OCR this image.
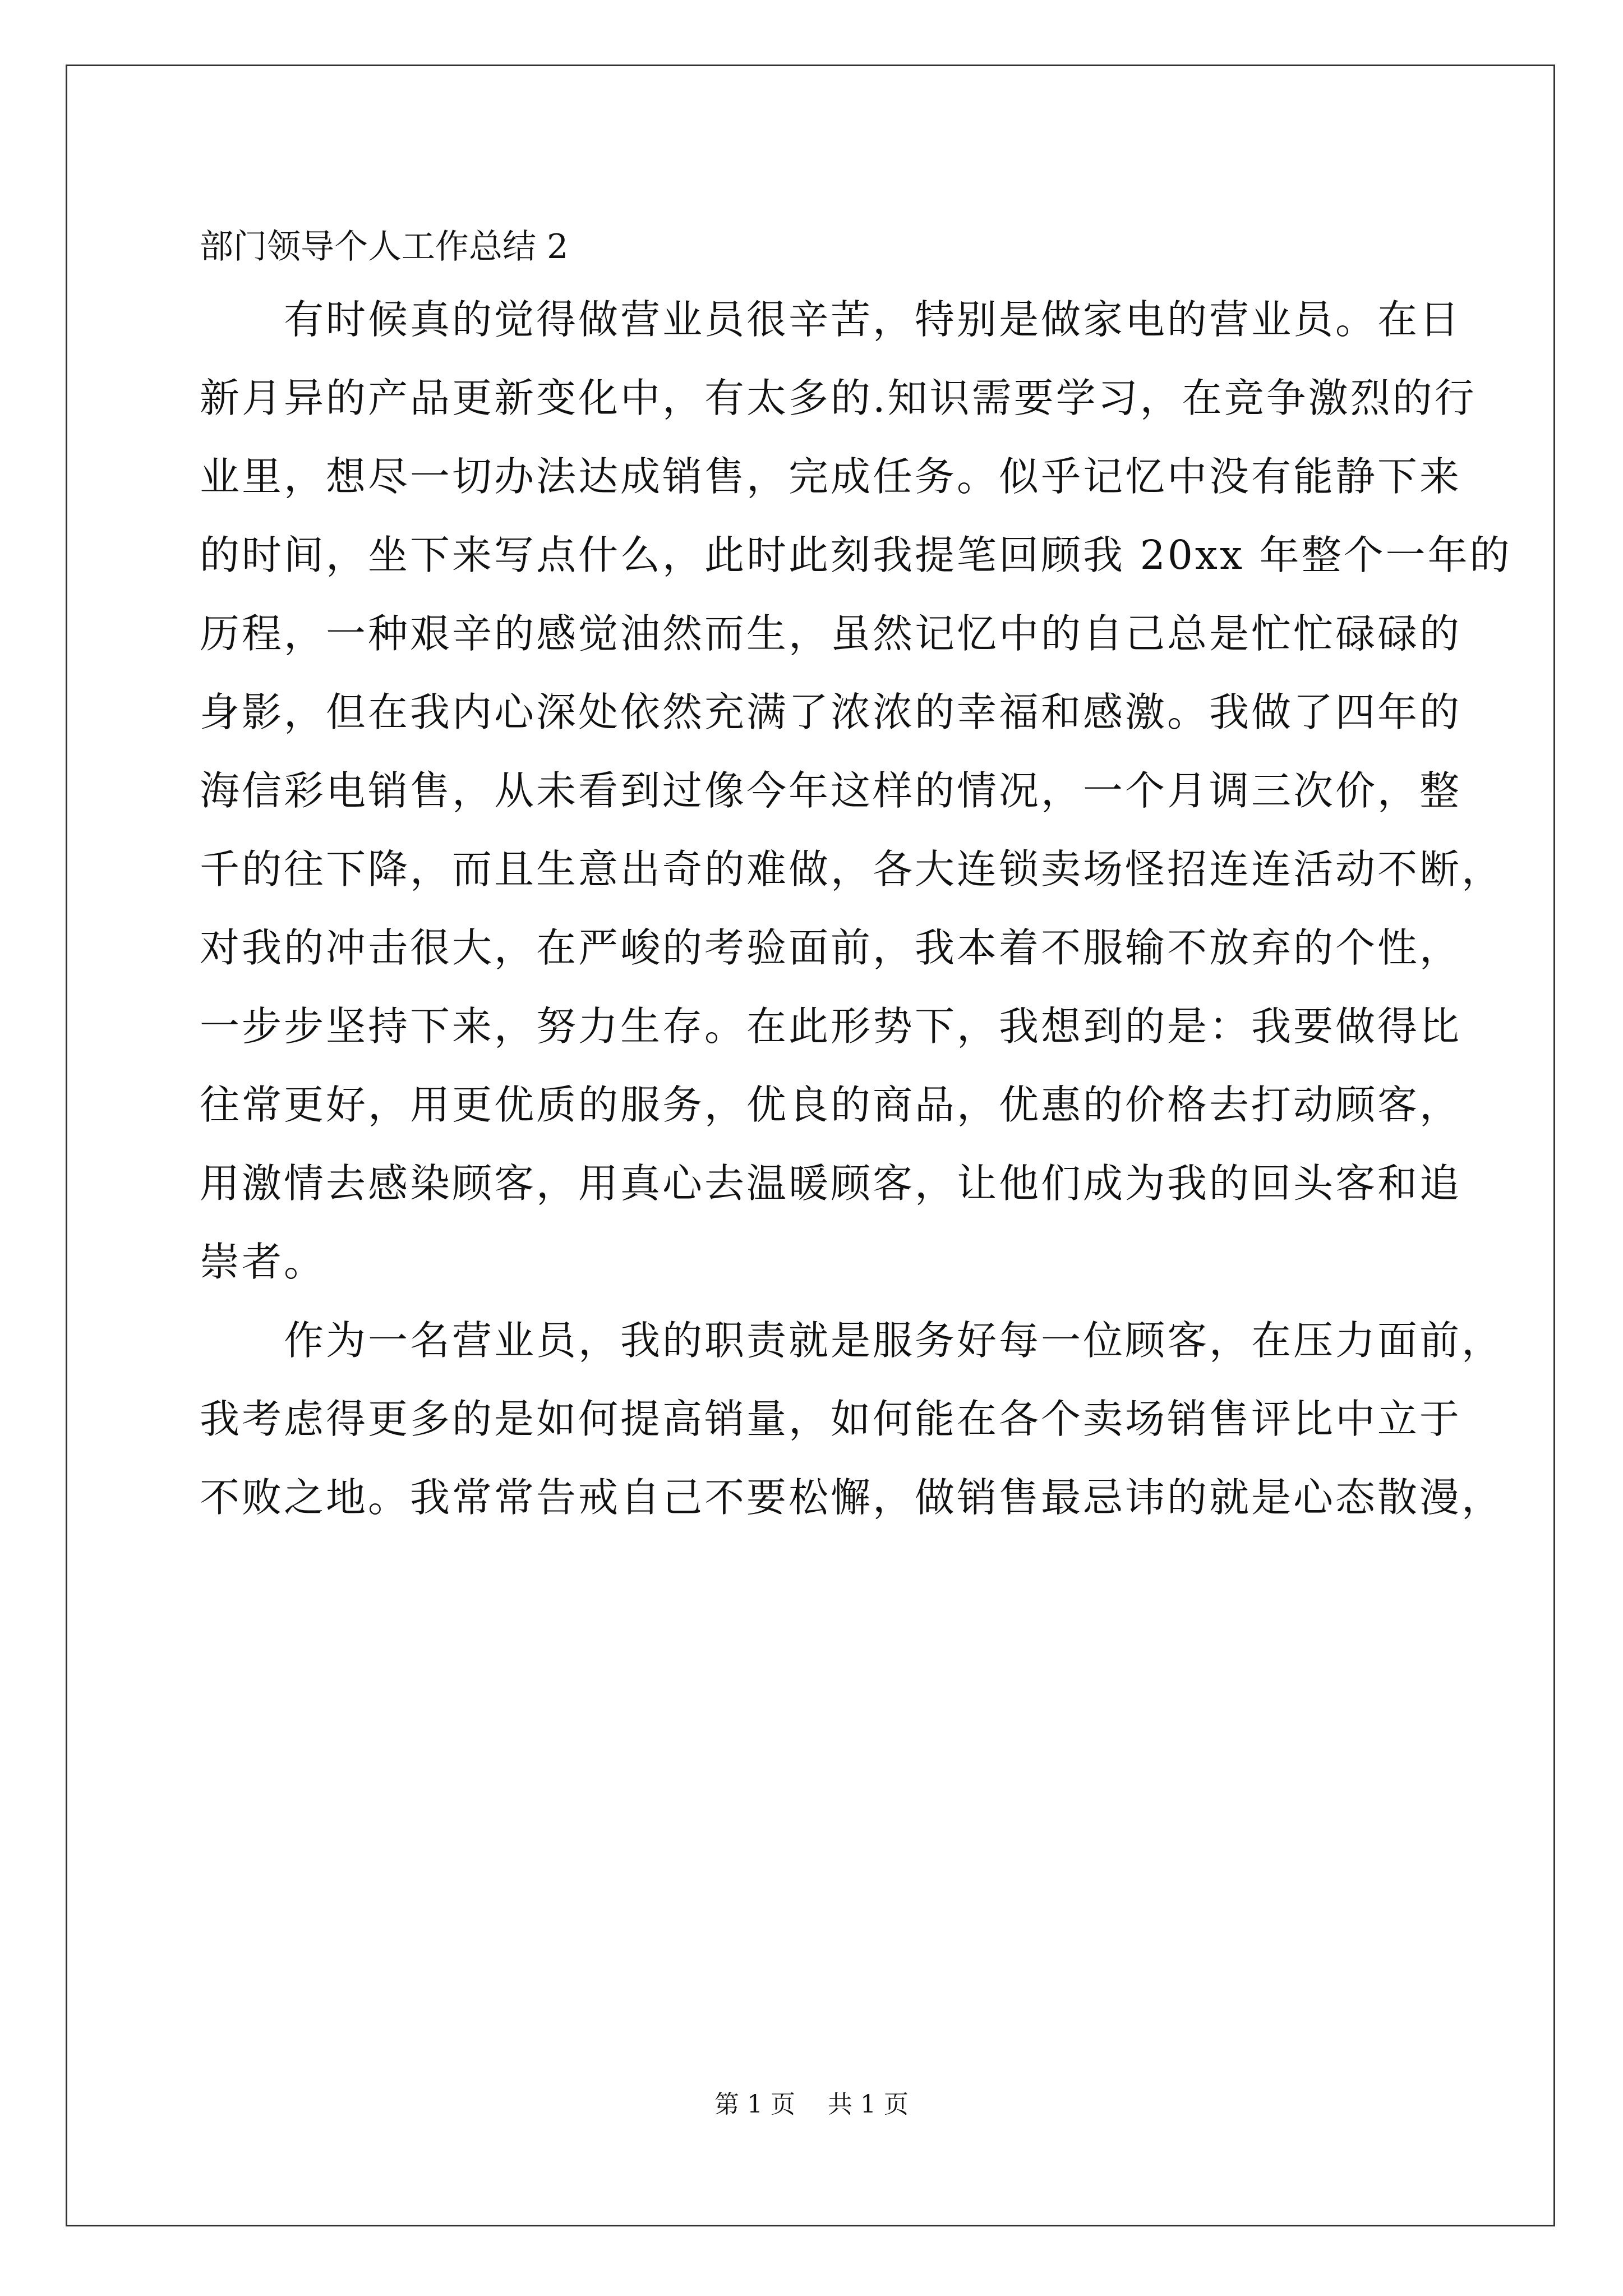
部门领导个人工作总结 2

　　有时候真的觉得做营业员很辛苦，特别是做家电的营业员。在日

新月异的产品更新变化中，有太多的.知识需要学习，在竞争激烈的行

业里，想尽一切办法达成销售，完成任务。似乎记忆中没有能静下来

的时间，坐下来写点什么，此时此刻我提笔回顾我 20xx 年整个一年的

历程，一种艰辛的感觉油然而生，虽然记忆中的自己总是忙忙碌碌的

身影，但在我内心深处依然充满了浓浓的幸福和感激。我做了四年的

海信彩电销售，从未看到过像今年这样的情况，一个月调三次价，整

千的往下降，而且生意出奇的难做，各大连锁卖场怪招连连活动不断，

对我的冲击很大，在严峻的考验面前，我本着不服输不放弃的个性，

一步步坚持下来，努力生存。在此形势下，我想到的是：我要做得比

往常更好，用更优质的服务，优良的商品，优惠的价格去打动顾客，

用激情去感染顾客，用真心去温暖顾客，让他们成为我的回头客和追

崇者。

　　作为一名营业员，我的职责就是服务好每一位顾客，在压力面前，

我考虑得更多的是如何提高销量，如何能在各个卖场销售评比中立于

不败之地。我常常告戒自己不要松懈，做销售最忌讳的就是心态散漫，

第 1 页　 共 1 页
